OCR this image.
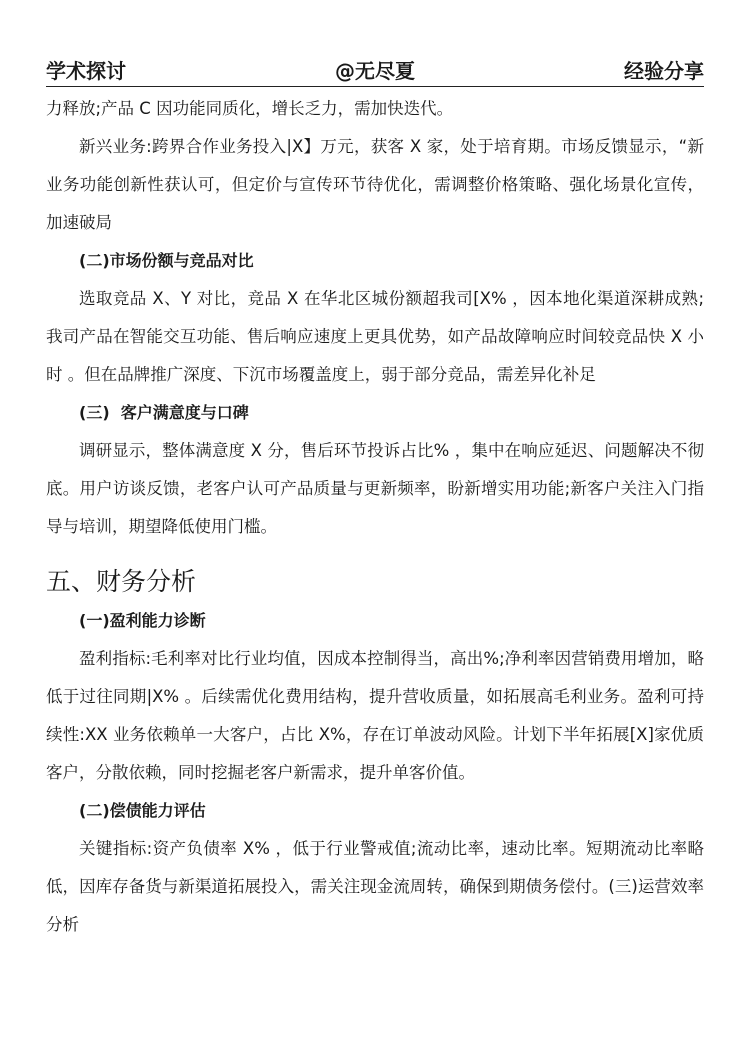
学术探讨	@无尽夏	经验分享

力释放;产品 C 因功能同质化，增长乏力，需加快迭代。

新兴业务:跨界合作业务投入|X】万元，获客 X 家，处于培育期。市场反馈显示，“新业务功能创新性获认可，但定价与宣传环节待优化，需调整价格策略、强化场景化宣传，加速破局

(二)市场份额与竞品对比

选取竞品 X、Y 对比，竞品 X 在华北区城份额超我司[X% ，因本地化渠道深耕成熟;我司产品在智能交互功能、售后响应速度上更具优势，如产品故障响应时间较竞品快 X 小时 。但在品牌推广深度、下沉市场覆盖度上，弱于部分竞品，需差异化补足

(三)  客户满意度与口碑

调研显示，整体满意度 X 分，售后环节投诉占比% ，集中在响应延迟、问题解决不彻底。用户访谈反馈，老客户认可产品质量与更新频率，盼新增实用功能;新客户关注入门指导与培训，期望降低使用门槛。

五、财务分析

(一)盈利能力诊断

盈利指标:毛利率对比行业均值，因成本控制得当，高出%;净利率因营销费用增加，略低于过往同期|X% 。后续需优化费用结构，提升营收质量，如拓展高毛利业务。盈利可持续性:XX 业务依赖单一大客户，占比 X%，存在订单波动风险。计划下半年拓展[X]家优质客户，分散依赖，同时挖掘老客户新需求，提升单客价值。

(二)偿债能力评估

关键指标:资产负债率 X% ，低于行业警戒值;流动比率，速动比率。短期流动比率略低，因库存备货与新渠道拓展投入，需关注现金流周转，确保到期债务偿付。(三)运营效率分析
